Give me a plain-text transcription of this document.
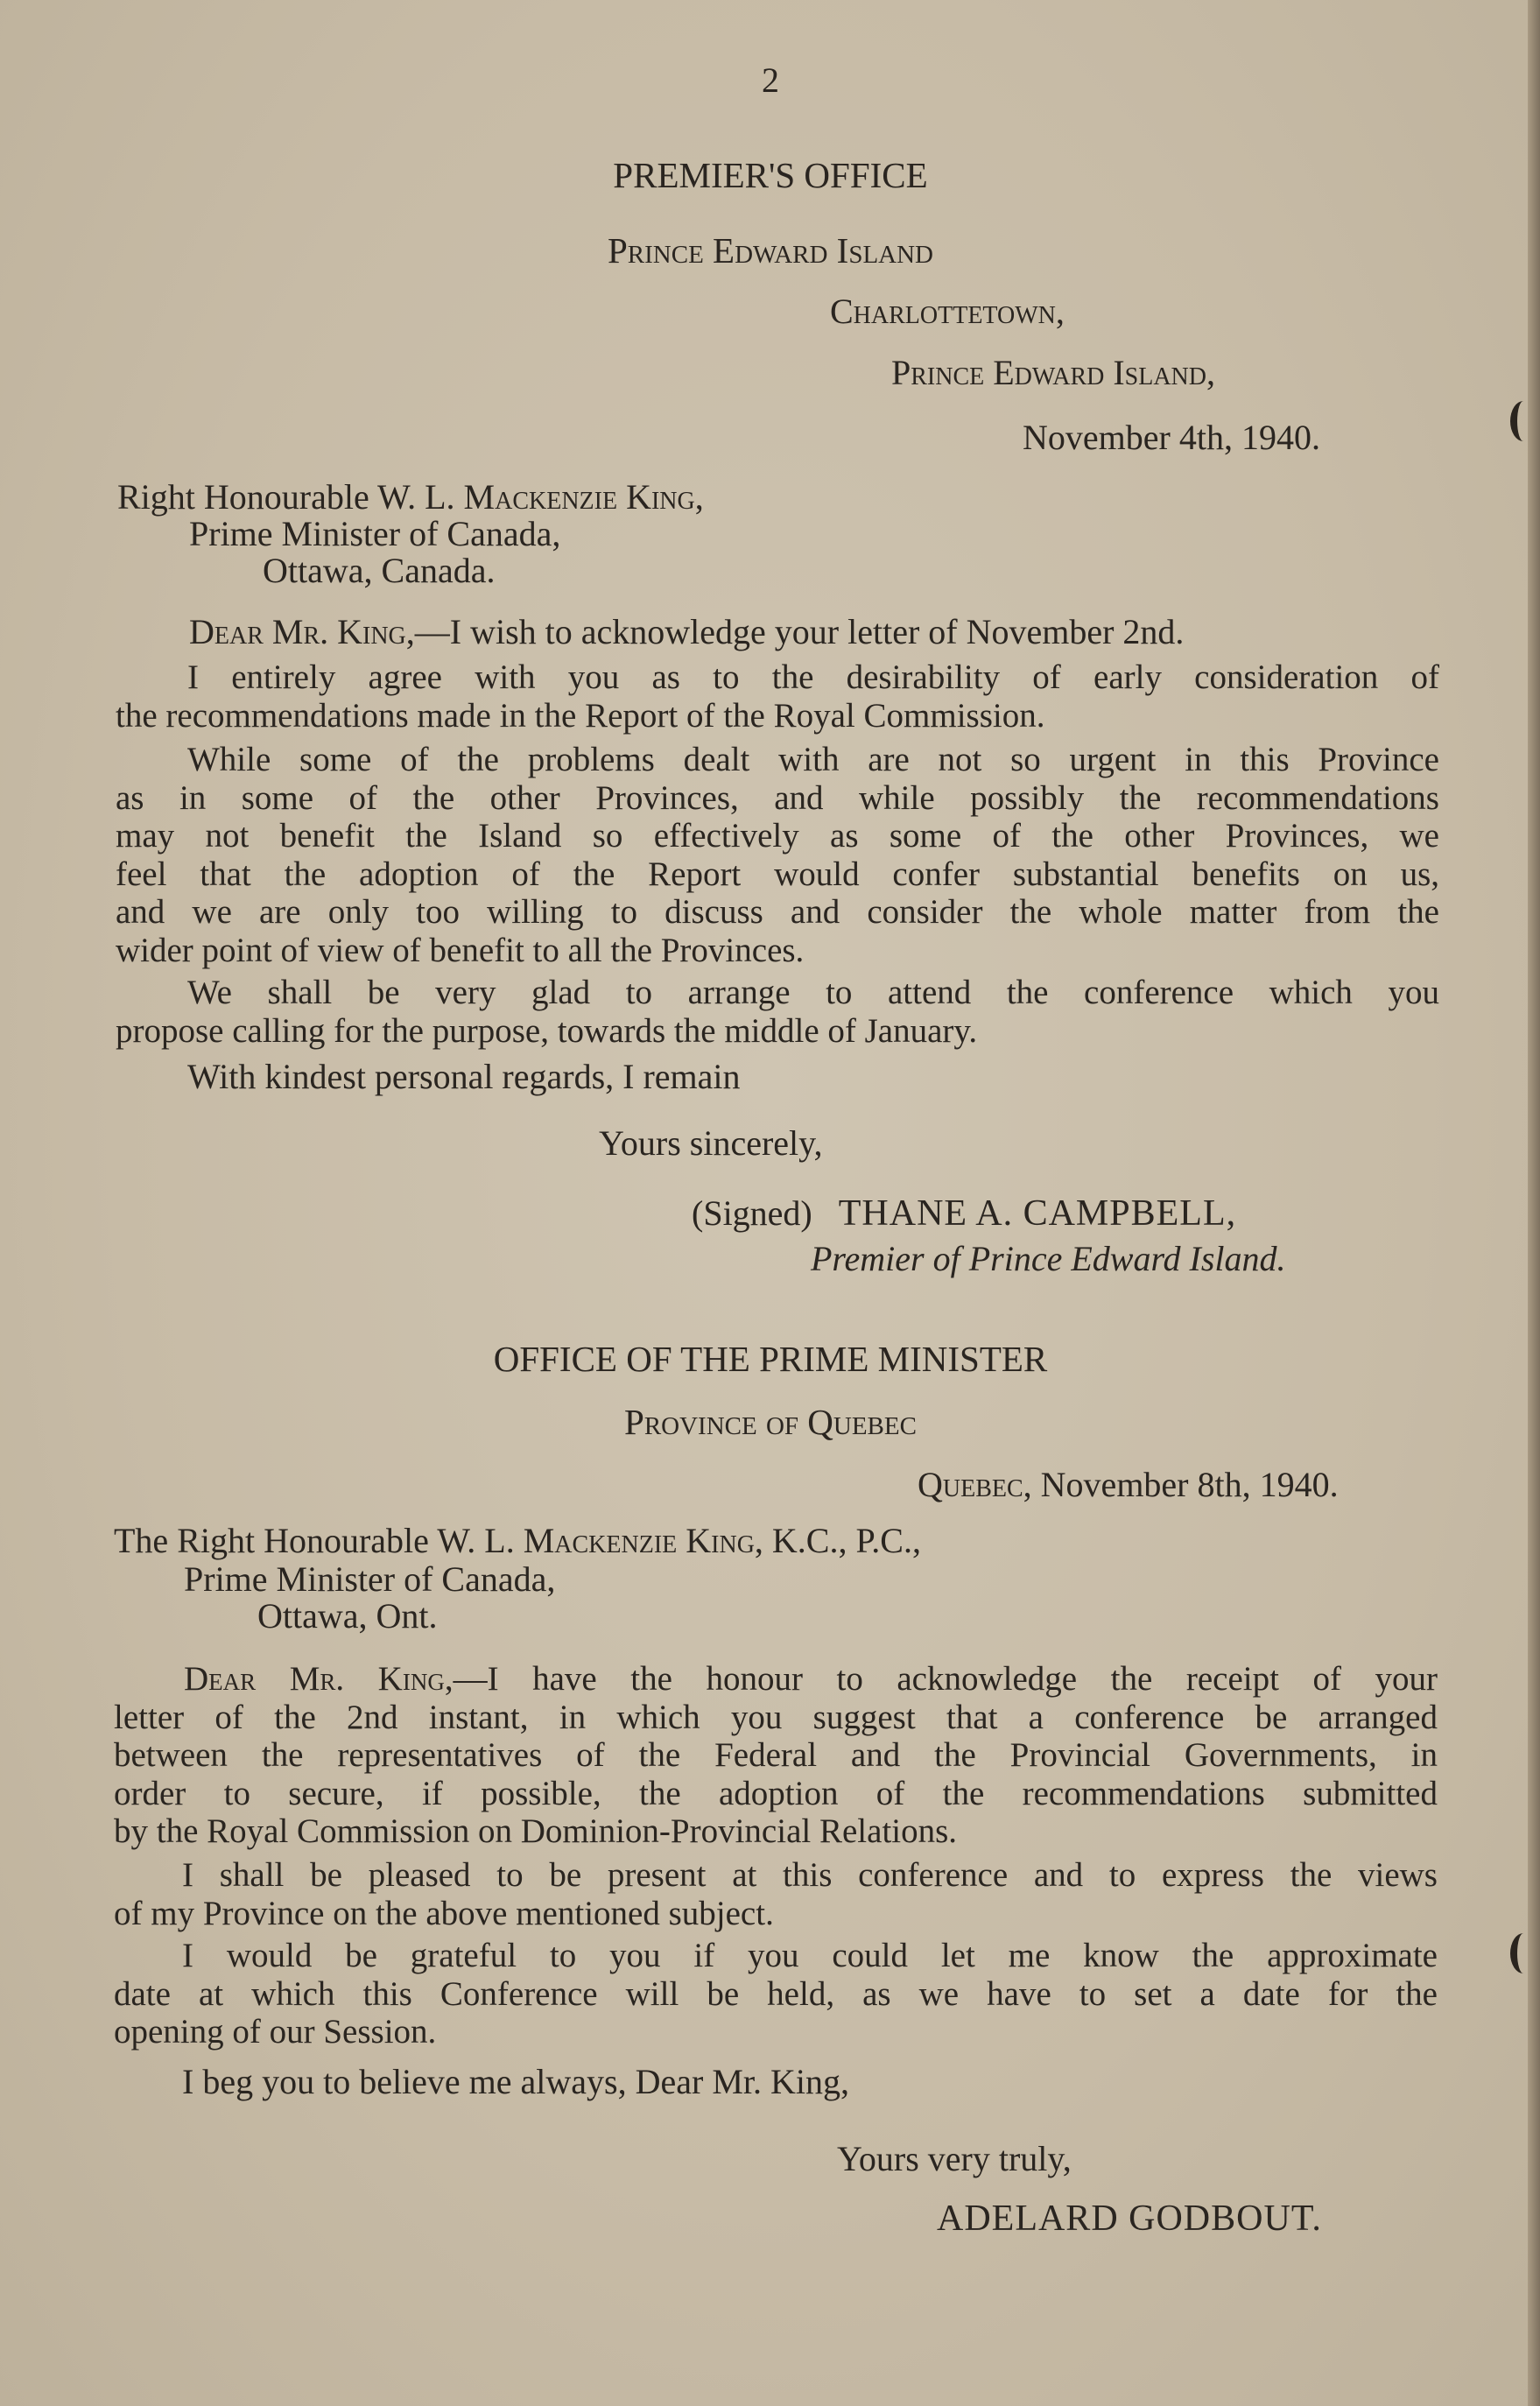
2
PREMIER'S OFFICE
Prince Edward Island
Charlottetown,
Prince Edward Island,
November 4th, 1940.
Right Honourable W. L. Mackenzie King,
Prime Minister of Canada,
Ottawa, Canada.
Dear Mr. King,—I wish to acknowledge your letter of November 2nd.
I entirely agree with you as to the desirability of early consideration of
the recommendations made in the Report of the Royal Commission.
While some of the problems dealt with are not so urgent in this Province
as in some of the other Provinces, and while possibly the recommendations
may not benefit the Island so effectively as some of the other Provinces, we
feel that the adoption of the Report would confer substantial benefits on us,
and we are only too willing to discuss and consider the whole matter from the
wider point of view of benefit to all the Provinces.
We shall be very glad to arrange to attend the conference which you
propose calling for the purpose, towards the middle of January.
With kindest personal regards, I remain
Yours sincerely,
(Signed) THANE A. CAMPBELL,
Premier of Prince Edward Island.
OFFICE OF THE PRIME MINISTER
Province of Quebec
Quebec, November 8th, 1940.
The Right Honourable W. L. Mackenzie King, K.C., P.C.,
Prime Minister of Canada,
Ottawa, Ont.
Dear Mr. King,—I have the honour to acknowledge the receipt of your
letter of the 2nd instant, in which you suggest that a conference be arranged
between the representatives of the Federal and the Provincial Governments, in
order to secure, if possible, the adoption of the recommendations submitted
by the Royal Commission on Dominion-Provincial Relations.
I shall be pleased to be present at this conference and to express the views
of my Province on the above mentioned subject.
I would be grateful to you if you could let me know the approximate
date at which this Conference will be held, as we have to set a date for the
opening of our Session.
I beg you to believe me always, Dear Mr. King,
Yours very truly,
ADELARD GODBOUT.
